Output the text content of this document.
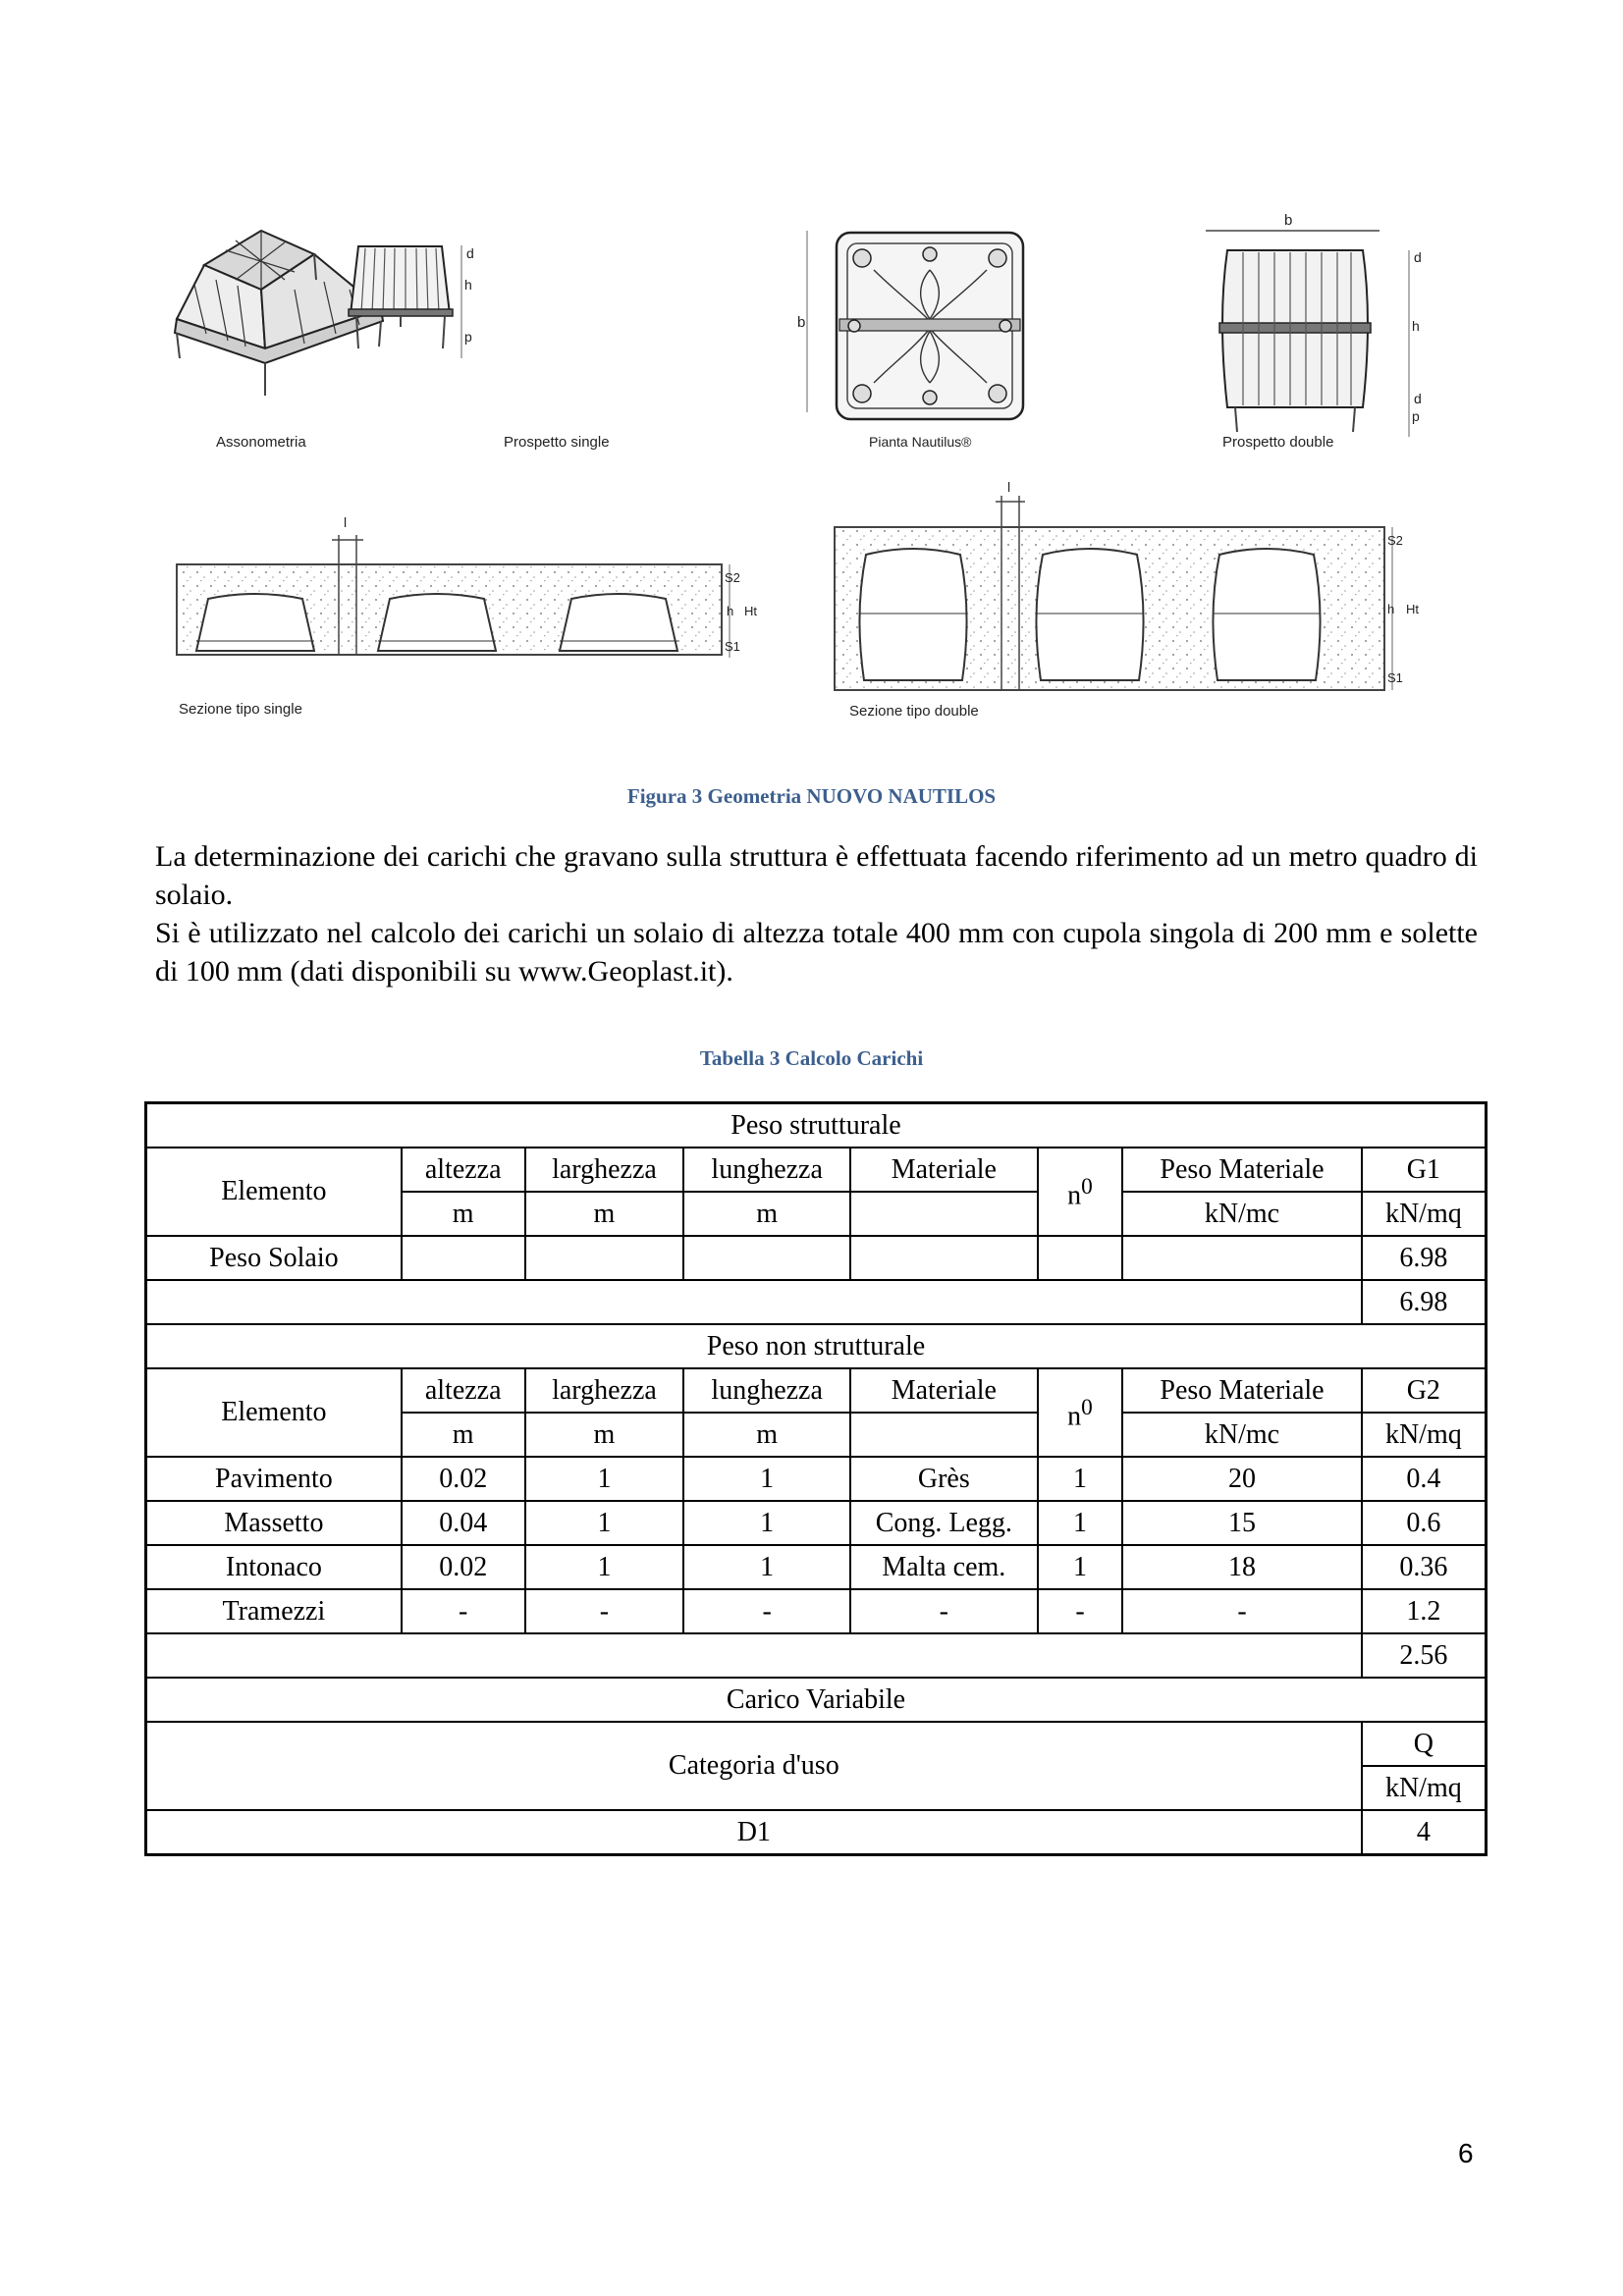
Assonometria
d
h
p
Prospetto single
b
Pianta Nautilus®
b
d
h
d
p
Prospetto double
l
S2
h Ht
S1
Sezione tipo single
l
S2
h Ht
S1
Sezione tipo double
Figura 3 Geometria NUOVO NAUTILOS

La determinazione dei carichi che gravano sulla struttura è effettuata facendo riferimento ad un metro quadro di solaio.

Si è utilizzato nel calcolo dei carichi un solaio di altezza totale 400 mm con cupola singola di 200 mm e solette di 100 mm (dati disponibili su www.Geoplast.it).

Tabella 3 Calcolo Carichi
Peso strutturale							
Elemento	altezza	larghezza	lunghezza	Materiale	$n^0$	Peso Materiale	G1
	m	m	m			kN/mc	kN/mq
Peso Solaio							6.98
							6.98
Peso non strutturale							
Elemento	altezza	larghezza	lunghezza	Materiale	$n^0$	Peso Materiale	G2
	m	m	m			kN/mc	kN/mq
Pavimento	0.02	1	1	Grès	1	20	0.4
Massetto	0.04	1	1	Cong. Legg.	1	15	0.6
Intonaco	0.02	1	1	Malta cem.	1	18	0.36
Tramezzi	-	-	-	-	-	-	1.2
							2.56
Carico Variabile							
Categoria d'uso							Q
							kN/mq
D1							4
6
